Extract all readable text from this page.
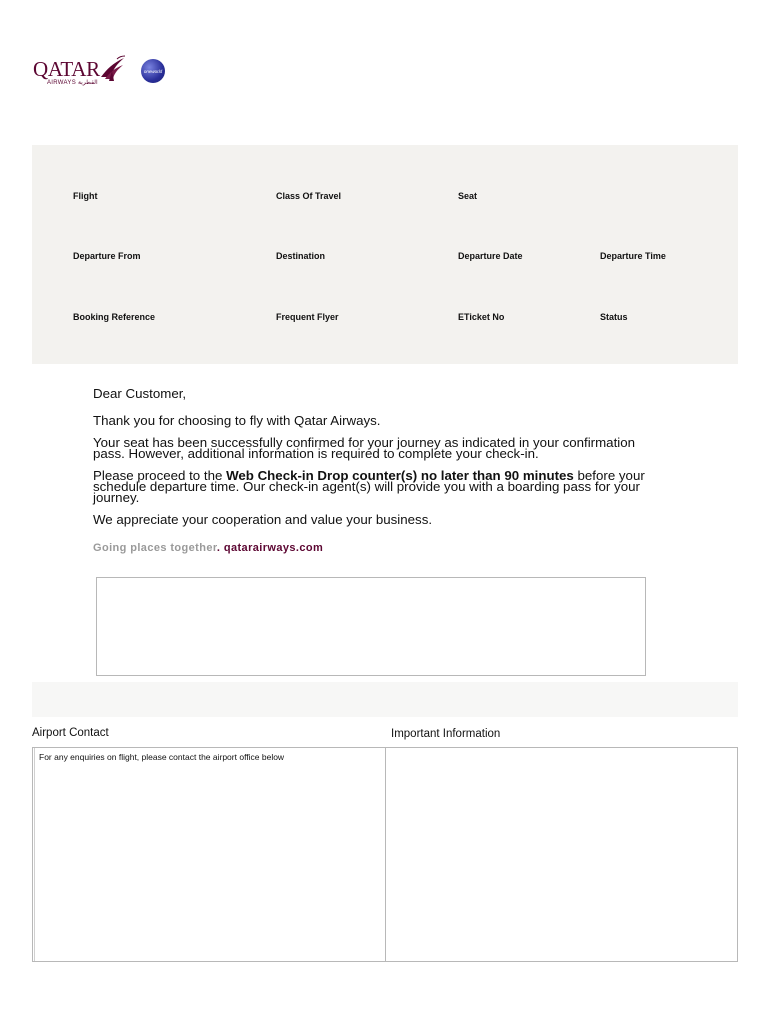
QATAR
AIRWAYS القطرية
oneworld
Flight	Class Of Travel	Seat
Departure From	Destination	Departure Date	Departure Time
Booking Reference	Frequent Flyer	ETicket No	Status
Dear Customer,
Thank you for choosing to fly with Qatar Airways.
Your seat has been successfully confirmed for your journey as indicated in your confirmation
pass. However, additional information is required to complete your check-in.
Please proceed to the Web Check-in Drop counter(s) no later than 90 minutes before your
schedule departure time. Our check-in agent(s) will provide you with a boarding pass for your
journey.
We appreciate your cooperation and value your business.
Going places together. qatarairways.com
Airport Contact	Important Information
For any enquiries on flight, please contact the airport office below
